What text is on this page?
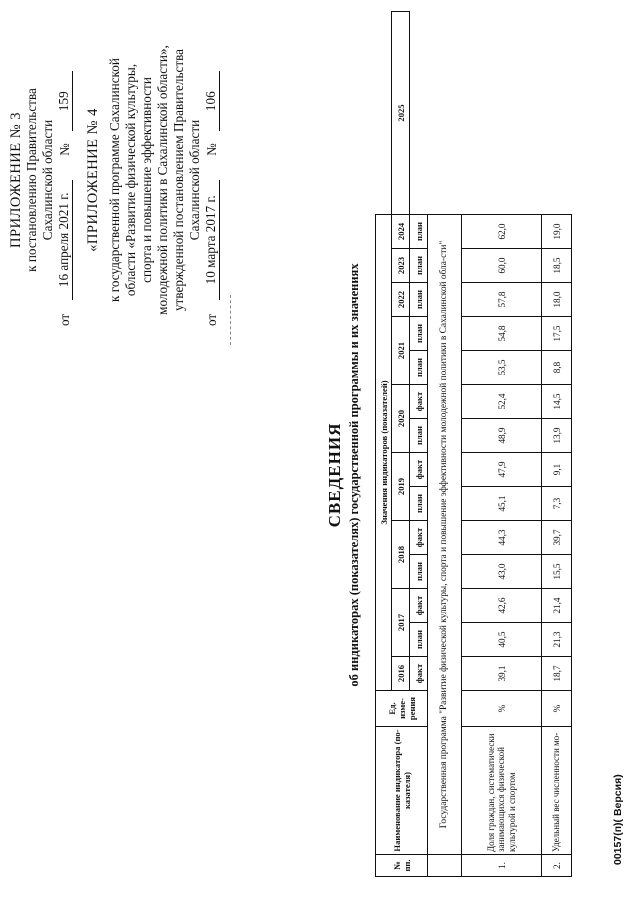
ПРИЛОЖЕНИЕ № 3 к постановлению Правительства Сахалинской области
от
16 апреля 2021 г.
№
159
«ПРИЛОЖЕНИЕ № 4 к государственной программе Сахалинской области «Развитие физической культуры, спорта и повышение эффективности молодежной политики в Сахалинской области», утвержденной постановлением Правительства Сахалинской области
от
10 марта 2017 г.
№
106
СВЕДЕНИЯ об индикаторах (показателях) государственной программы и их значениях
№ пп.	Наименование индикатора (по-казателя)	Ед. изме-рения	Значения индикаторов (показателей)														
			2016	2017		2018		2019		2020		2021		2022	2023	2024	2025
			факт	план	факт	план	факт	план	факт	план	факт	план	план	план	план	план	
	Государственная программа "Развитие физической культуры, спорта и повышение эффективности молодежной политики в Сахалинской обла-сти"																
1.	Доля граждан, систематически занимающихся физической культурой и спортом	%	39,1	40,5	42,6	43,0	44,3	45,1	47,9	48,9	52,4	53,5	54,8	57,8	60,0	62,0	
2.	Удельный вес численности мо-	%	18,7	21,3	21,4	15,5	39,7	7,3	9,1	13,9	14,5	8,8	17,5	18,0	18,5	19,0	
00157(п)( Версия)
